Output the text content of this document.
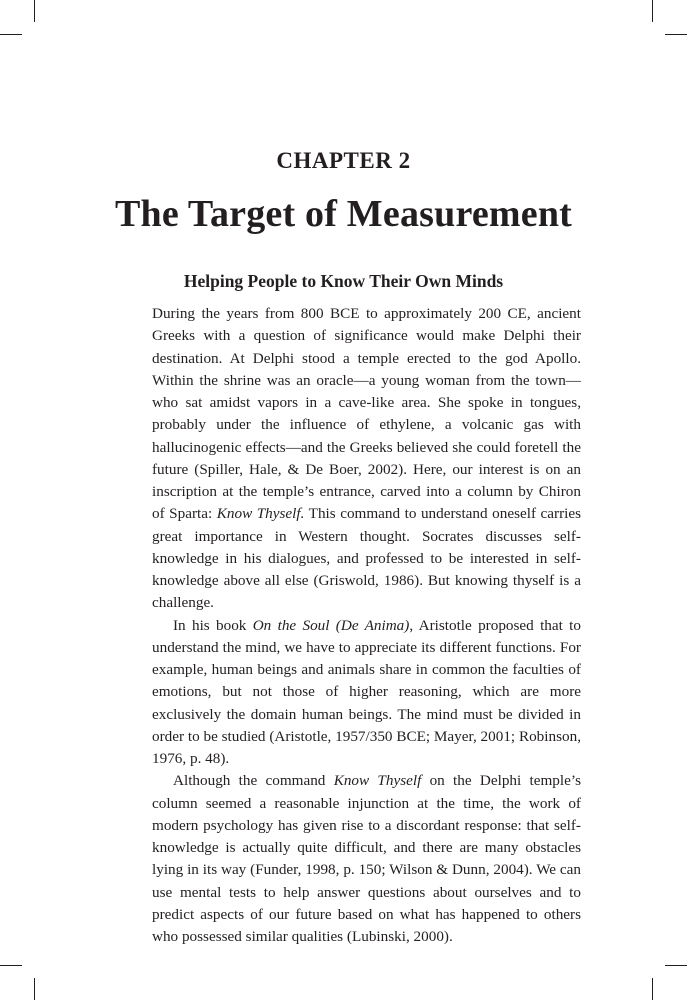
CHAPTER 2
The Target of Measurement
Helping People to Know Their Own Minds

During the years from 800 BCE to approximately 200 CE, ancient Greeks with a question of significance would make Delphi their destination. At Delphi stood a temple erected to the god Apollo. Within the shrine was an oracle—a young woman from the town—who sat amidst vapors in a cave-like area. She spoke in tongues, probably under the influence of ethylene, a volcanic gas with hallucinogenic effects—and the Greeks believed she could foretell the future (Spiller, Hale, & De Boer, 2002). Here, our interest is on an inscription at the temple’s entrance, carved into a column by Chiron of Sparta: Know Thyself. This command to understand oneself carries great importance in Western thought. Socrates discusses self-knowledge in his dialogues, and professed to be interested in self-knowledge above all else (Griswold, 1986). But knowing thyself is a challenge.

In his book On the Soul (De Anima), Aristotle proposed that to understand the mind, we have to appreciate its different functions. For example, human beings and animals share in common the faculties of emotions, but not those of higher reasoning, which are more exclusively the domain human beings. The mind must be divided in order to be studied (Aristotle, 1957/350 BCE; Mayer, 2001; Robinson, 1976, p. 48).

Although the command Know Thyself on the Delphi temple’s column seemed a reasonable injunction at the time, the work of modern psychology has given rise to a discordant response: that self-knowledge is actually quite difficult, and there are many obstacles lying in its way (Funder, 1998, p. 150; Wilson & Dunn, 2004). We can use mental tests to help answer questions about ourselves and to predict aspects of our future based on what has happened to others who possessed similar qualities (Lubinski, 2000).
